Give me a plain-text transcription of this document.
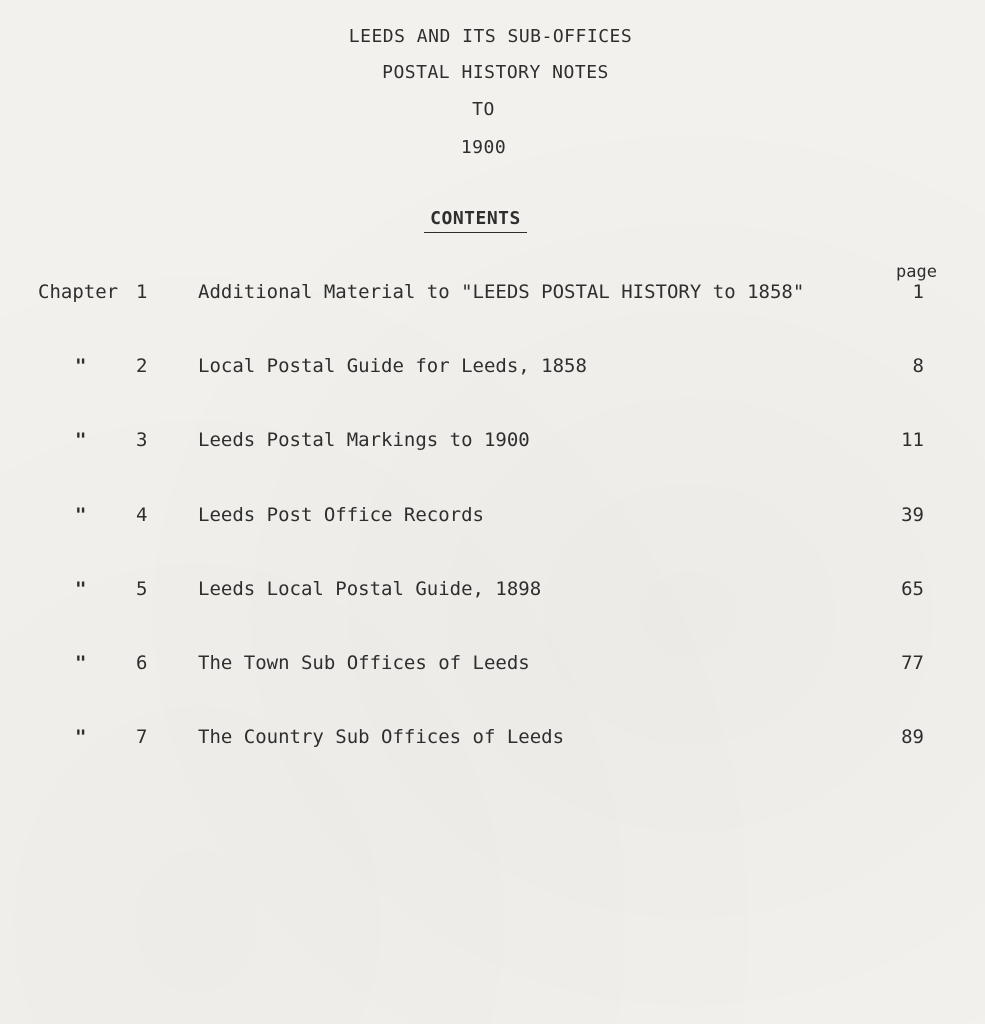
LEEDS AND ITS SUB-OFFICES
POSTAL HISTORY NOTES
TO
1900
CONTENTS
page
Chapter 1	Additional Material to "LEEDS POSTAL HISTORY to 1858"	1
"	2	Local Postal Guide for Leeds, 1858	8
"	3	Leeds Postal Markings to 1900	11
"	4	Leeds Post Office Records	39
"	5	Leeds Local Postal Guide, 1898	65
"	6	The Town Sub Offices of Leeds	77
"	7	The Country Sub Offices of Leeds	89
